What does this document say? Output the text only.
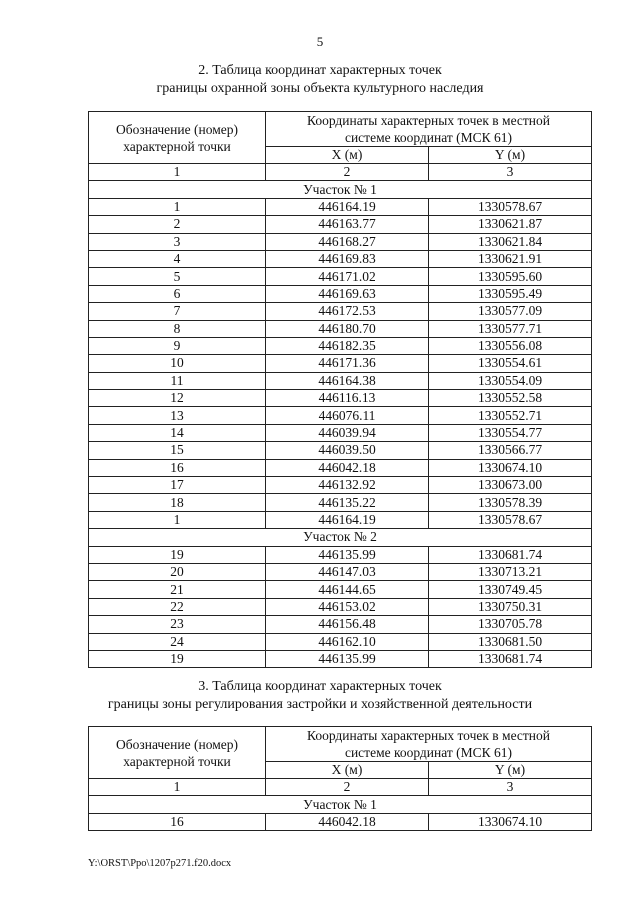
5
2. Таблица координат характерных точек
границы охранной зоны объекта культурного наследия
Обозначение (номер) характерной точки	Координаты характерных точек в местной системе координат (МСК 61)	
	X (м)	Y (м)
1	2	3
Участок № 1		
1	446164.19	1330578.67
2	446163.77	1330621.87
3	446168.27	1330621.84
4	446169.83	1330621.91
5	446171.02	1330595.60
6	446169.63	1330595.49
7	446172.53	1330577.09
8	446180.70	1330577.71
9	446182.35	1330556.08
10	446171.36	1330554.61
11	446164.38	1330554.09
12	446116.13	1330552.58
13	446076.11	1330552.71
14	446039.94	1330554.77
15	446039.50	1330566.77
16	446042.18	1330674.10
17	446132.92	1330673.00
18	446135.22	1330578.39
1	446164.19	1330578.67
Участок № 2		
19	446135.99	1330681.74
20	446147.03	1330713.21
21	446144.65	1330749.45
22	446153.02	1330750.31
23	446156.48	1330705.78
24	446162.10	1330681.50
19	446135.99	1330681.74
3. Таблица координат характерных точек
границы зоны регулирования застройки и хозяйственной деятельности
Обозначение (номер) характерной точки	Координаты характерных точек в местной системе координат (МСК 61)	
	X (м)	Y (м)
1	2	3
Участок № 1		
16	446042.18	1330674.10
Y:\ORST\Ppo\1207p271.f20.docx
